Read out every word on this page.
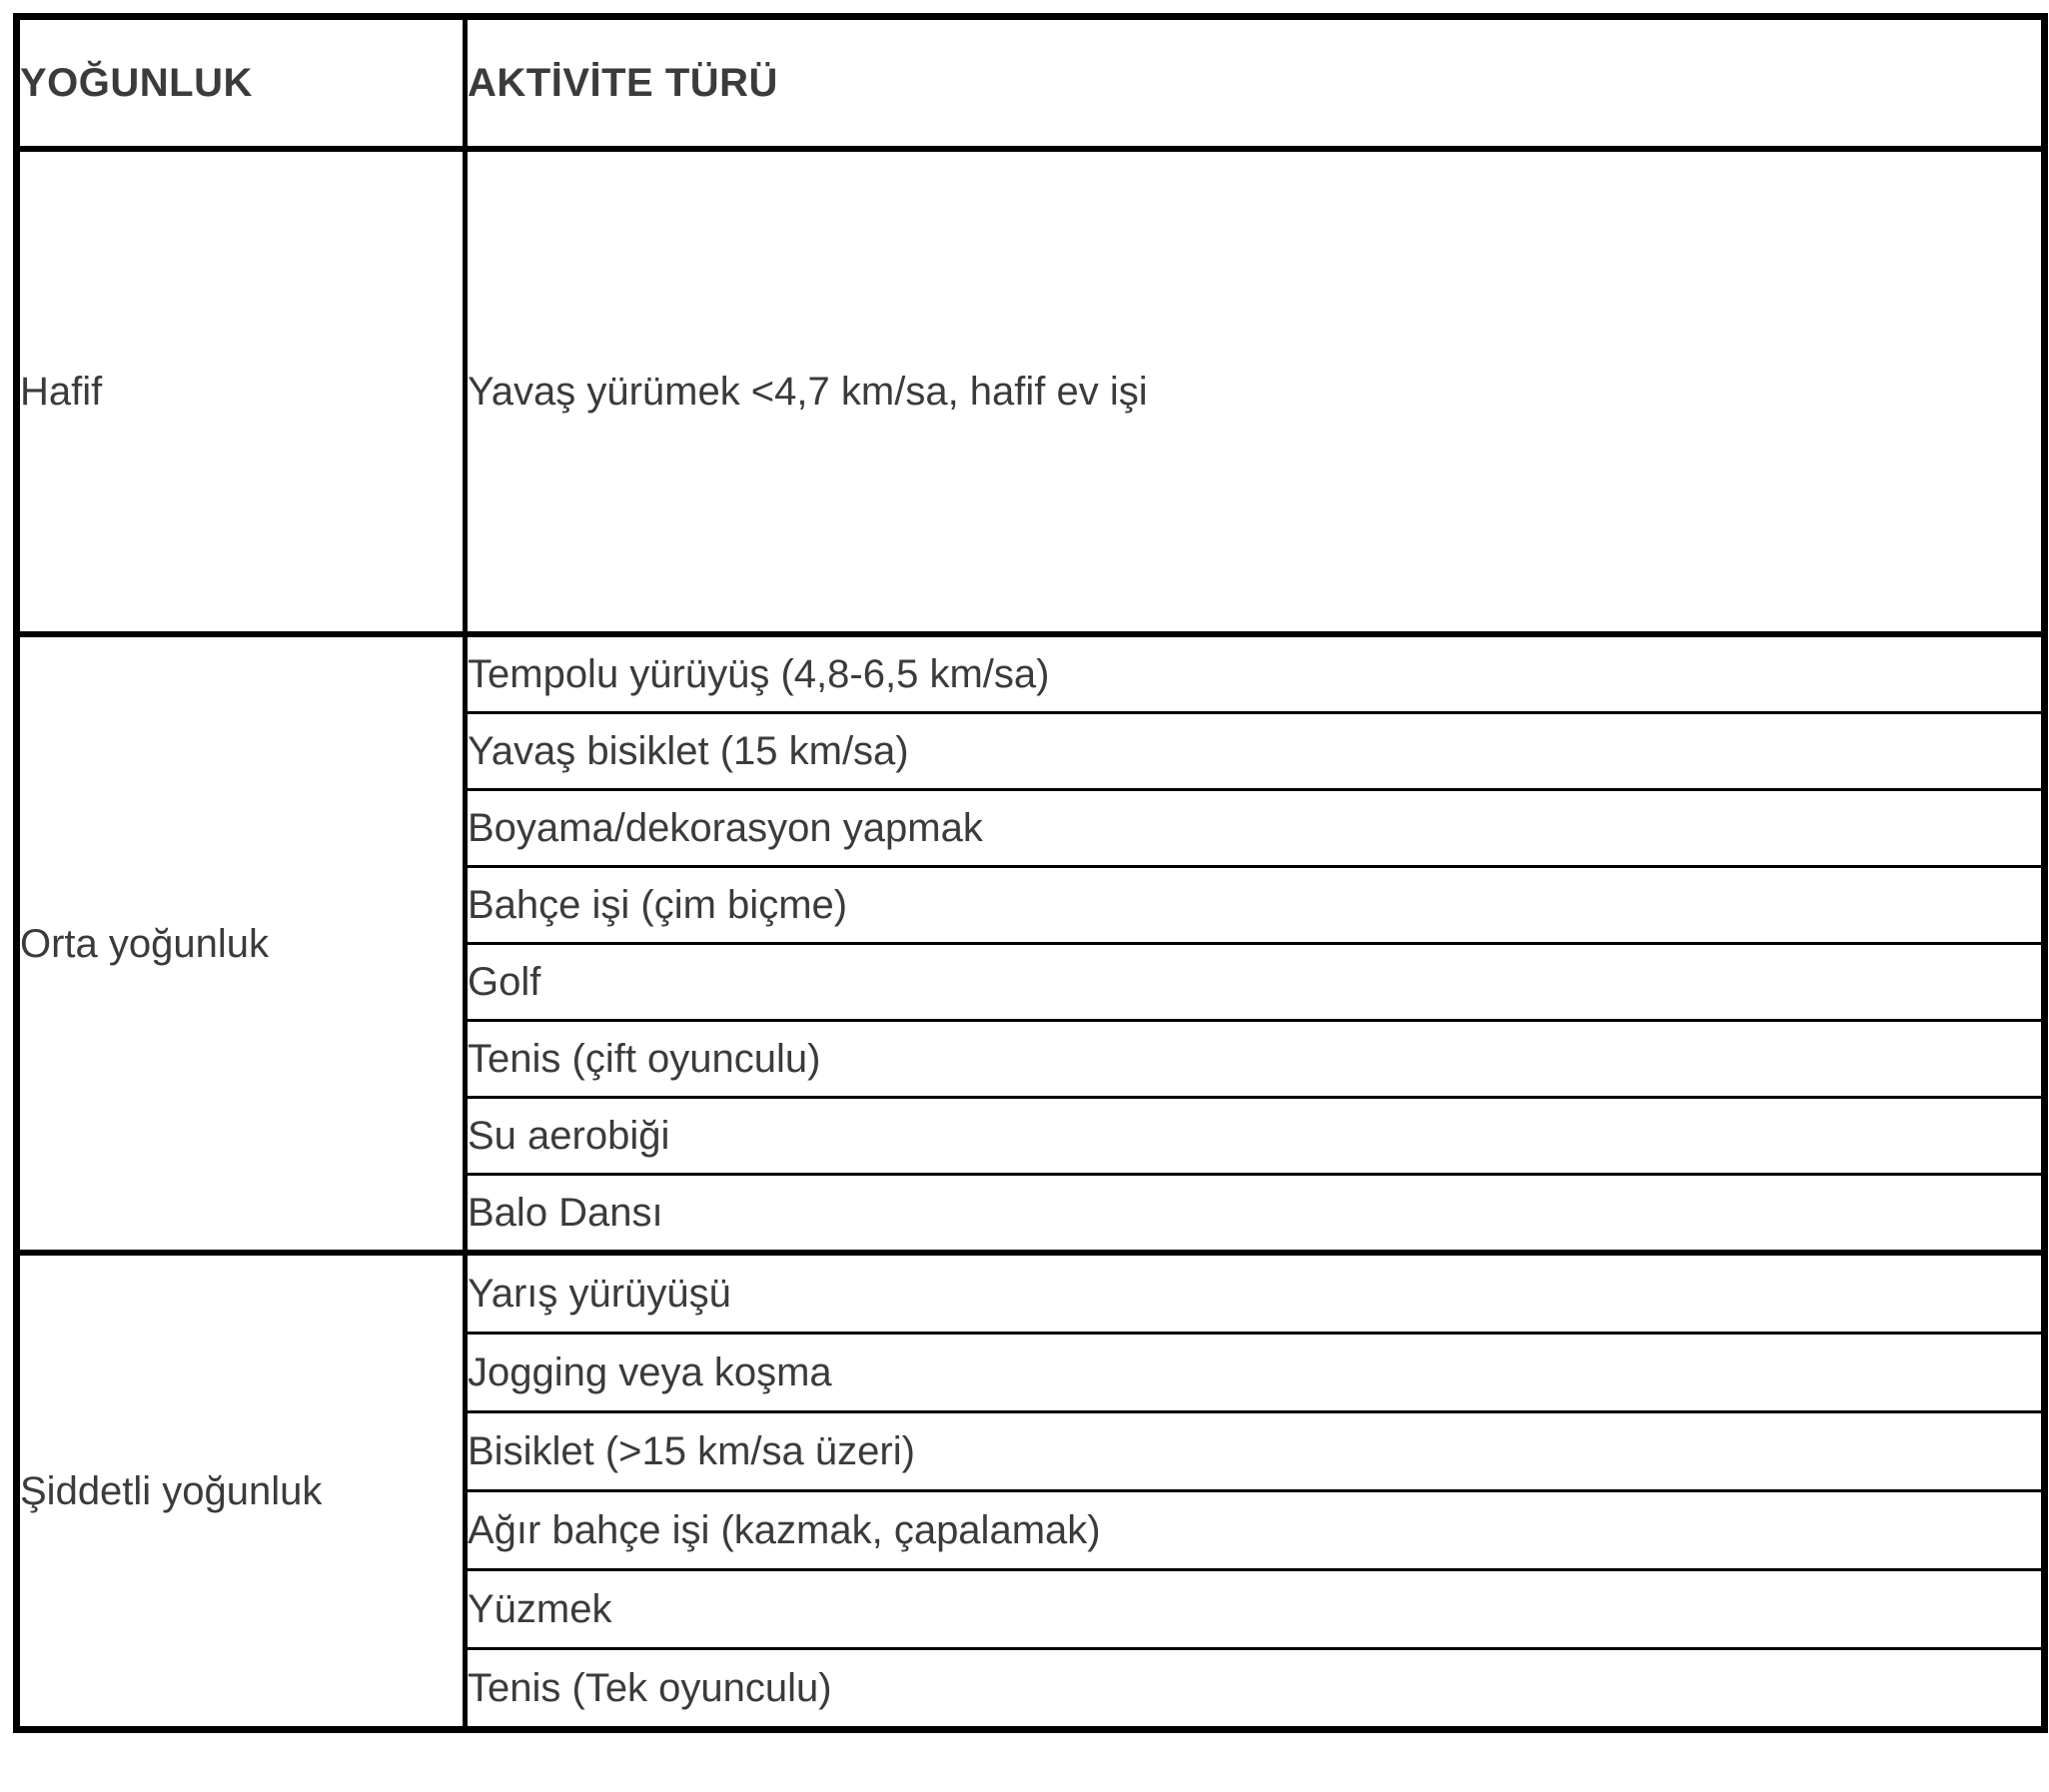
YOĞUNLUK	AKTİVİTE TÜRÜ
Hafif	Yavaş yürümek <4,7 km/sa, hafif ev işi
Orta yoğunluk	Tempolu yürüyüş (4,8-6,5 km/sa)
	Yavaş bisiklet (15 km/sa)
	Boyama/dekorasyon yapmak
	Bahçe işi (çim biçme)
	Golf
	Tenis (çift oyunculu)
	Su aerobiği
	Balo Dansı
Şiddetli yoğunluk	Yarış yürüyüşü
	Jogging veya koşma
	Bisiklet (>15 km/sa üzeri)
	Ağır bahçe işi (kazmak, çapalamak)
	Yüzmek
	Tenis (Tek oyunculu)
